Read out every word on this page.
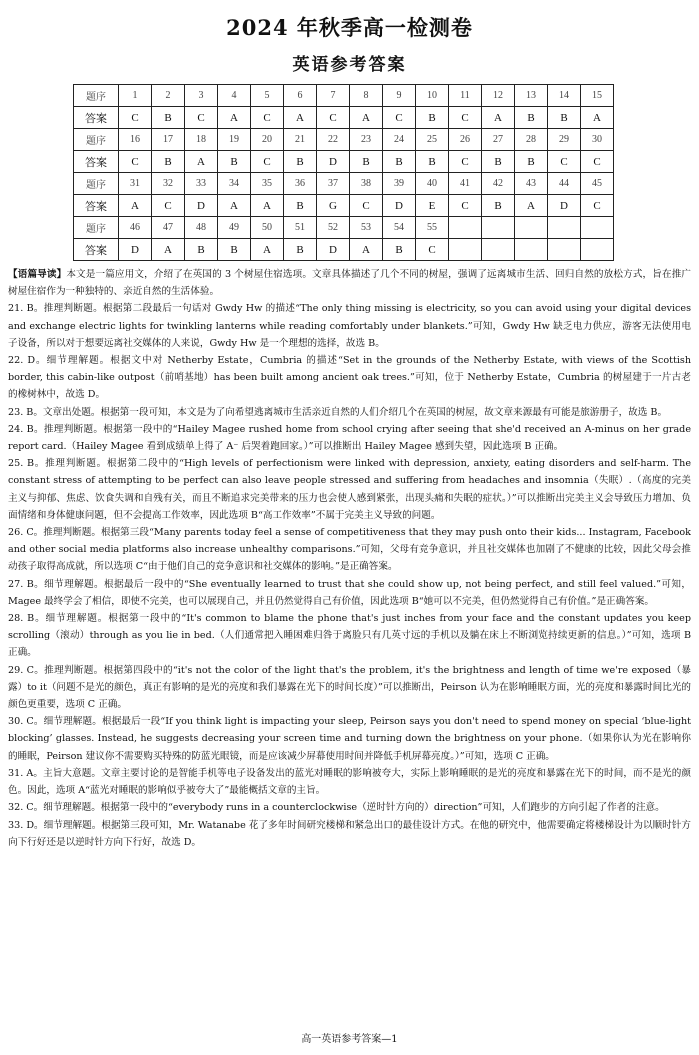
2024 年秋季高一检测卷
英语参考答案
题序	1	2	3	4	5	6	7	8	9	10	11	12	13	14	15
答案	C	B	C	A	C	A	C	A	C	B	C	A	B	B	A
题序	16	17	18	19	20	21	22	23	24	25	26	27	28	29	30
答案	C	B	A	B	C	B	D	B	B	B	C	B	B	C	C
题序	31	32	33	34	35	36	37	38	39	40	41	42	43	44	45
答案	A	C	D	A	A	B	G	C	D	E	C	B	A	D	C
题序	46	47	48	49	50	51	52	53	54	55					
答案	D	A	B	B	A	B	D	A	B	C					

【语篇导读】本文是一篇应用文，介绍了在英国的 3 个树屋住宿选项。文章具体描述了几个不同的树屋，强调了远离城市生活、回归自然的放松方式，旨在推广树屋住宿作为一种独特的、亲近自然的生活体验。

21. B。推理判断题。根据第二段最后一句话对 Gwdy Hw 的描述“The only thing missing is electricity, so you can avoid using your digital devices and exchange electric lights for twinkling lanterns while reading comfortably under blankets.”可知，Gwdy Hw 缺乏电力供应，游客无法使用电子设备，所以对于想要远离社交媒体的人来说，Gwdy Hw 是一个理想的选择，故选 B。

22. D。细节理解题。根据文中对 Netherby Estate，Cumbria 的描述“Set in the grounds of the Netherby Estate, with views of the Scottish border, this cabin-like outpost（前哨基地）has been built among ancient oak trees.”可知，位于 Netherby Estate，Cumbria 的树屋建于一片古老的橡树林中，故选 D。

23. B。文章出处题。根据第一段可知，本文是为了向希望逃离城市生活亲近自然的人们介绍几个在英国的树屋，故文章来源最有可能是旅游册子，故选 B。

24. B。推理判断题。根据第一段中的“Hailey Magee rushed home from school crying after seeing that she'd received an A-minus on her grade report card.（Hailey Magee 看到成绩单上得了 A⁻ 后哭着跑回家。）”可以推断出 Hailey Magee 感到失望，因此选项 B 正确。

25. B。推理判断题。根据第二段中的“High levels of perfectionism were linked with depression, anxiety, eating disorders and self-harm. The constant stress of attempting to be perfect can also leave people stressed and suffering from headaches and insomnia（失眠）.（高度的完美主义与抑郁、焦虑、饮食失调和自残有关，而且不断追求完美带来的压力也会使人感到紧张，出现头痛和失眠的症状。）”可以推断出完美主义会导致压力增加、负面情绪和身体健康问题，但不会提高工作效率，因此选项 B“高工作效率”不属于完美主义导致的问题。

26. C。推理判断题。根据第三段“Many parents today feel a sense of competitiveness that they may push onto their kids... Instagram, Facebook and other social media platforms also increase unhealthy comparisons.”可知，父母有竞争意识，并且社交媒体也加剧了不健康的比较，因此父母会推动孩子取得高成就，所以选项 C“由于他们自己的竞争意识和社交媒体的影响。”是正确答案。

27. B。细节理解题。根据最后一段中的“She eventually learned to trust that she could show up, not being perfect, and still feel valued.”可知，Magee 最终学会了相信，即使不完美，也可以展现自己，并且仍然觉得自己有价值，因此选项 B“她可以不完美，但仍然觉得自己有价值。”是正确答案。

28. B。细节理解题。根据第一段中的“It's common to blame the phone that's just inches from your face and the constant updates you keep scrolling（滚动）through as you lie in bed.（人们通常把入睡困难归咎于离脸只有几英寸远的手机以及躺在床上不断浏览持续更新的信息。）”可知，选项 B 正确。

29. C。推理判断题。根据第四段中的“it's not the color of the light that's the problem, it's the brightness and length of time we're exposed（暴露）to it（问题不是光的颜色，真正有影响的是光的亮度和我们暴露在光下的时间长度）”可以推断出，Peirson 认为在影响睡眠方面，光的亮度和暴露时间比光的颜色更重要，选项 C 正确。

30. C。细节理解题。根据最后一段“If you think light is impacting your sleep, Peirson says you don't need to spend money on special ‘blue-light blocking’ glasses. Instead, he suggests decreasing your screen time and turning down the brightness on your phone.（如果你认为光在影响你的睡眠，Peirson 建议你不需要购买特殊的防蓝光眼镜，而是应该减少屏幕使用时间并降低手机屏幕亮度。）”可知，选项 C 正确。

31. A。主旨大意题。文章主要讨论的是智能手机等电子设备发出的蓝光对睡眠的影响被夸大，实际上影响睡眠的是光的亮度和暴露在光下的时间，而不是光的颜色。因此，选项 A“蓝光对睡眠的影响似乎被夸大了”最能概括文章的主旨。

32. C。细节理解题。根据第一段中的“everybody runs in a counterclockwise（逆时针方向的）direction”可知，人们跑步的方向引起了作者的注意。

33. D。细节理解题。根据第三段可知，Mr. Watanabe 花了多年时间研究楼梯和紧急出口的最佳设计方式。在他的研究中，他需要确定将楼梯设计为以顺时针方向下行好还是以逆时针方向下行好，故选 D。

高一英语参考答案—1
